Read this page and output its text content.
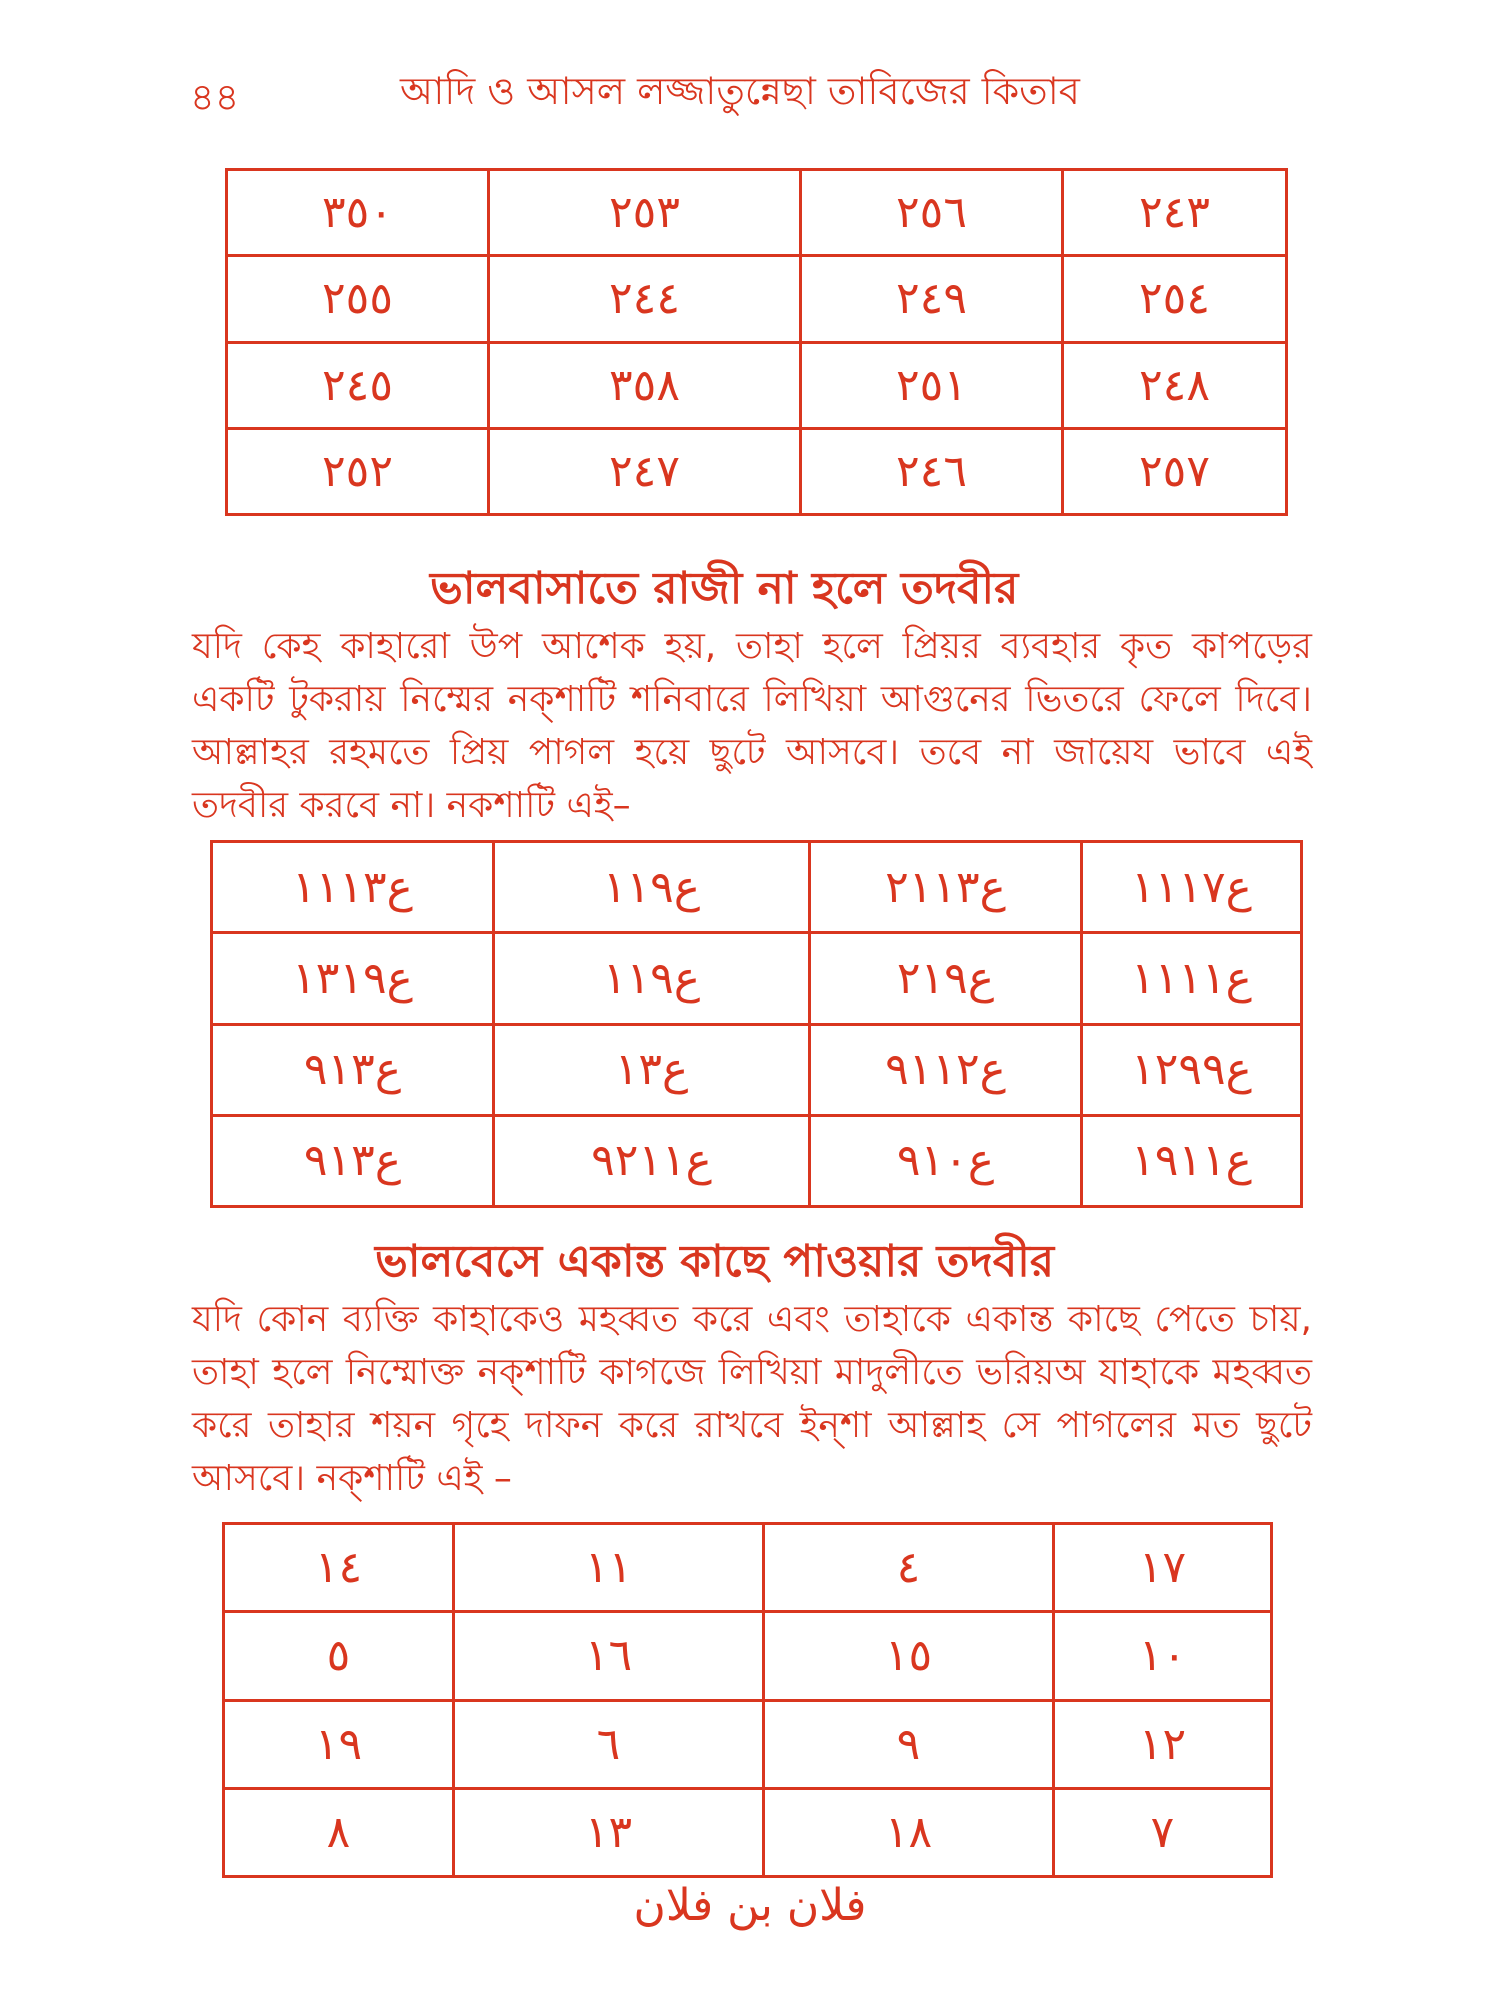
৪৪	আদি ও আসল লজ্জাতুন্নেছা তাবিজের কিতাব
٣٥٠	٢٥٣	٢٥٦	٢٤٣
٢٥٥	٢٤٤	٢٤٩	٢٥٤
٢٤٥	٣٥٨	٢٥١	٢٤٨
٢٥٢	٢٤٧	٢٤٦	٢٥٧
ভালবাসাতে রাজী না হলে তদবীর

যদি কেহ কাহারো উপ আশেক হয়, তাহা হলে প্রিয়র ব্যবহার কৃত কাপড়ের একটি টুকরায় নিম্মের নক্শাটি শনিবারে লিখিয়া আগুনের ভিতরে ফেলে দিবে। আল্লাহর রহমতে প্রিয় পাগল হয়ে ছুটে আসবে। তবে না জায়েয ভাবে এই তদবীর করবে না। নকশাটি এই–

ع١١١٣	ع١١٩	ع٢١١٣	ع١١١٧
ع١٣١٩	ع١١٩	ع٢١٩	ع١١١١
ع٩١٣	ع١٣	ع٩١١٢	ع١٢٩٩
ع٩١٣	ع٩٢١١	ع٩١٠	ع١٩١١
ভালবেসে একান্ত কাছে পাওয়ার তদবীর

যদি কোন ব্যক্তি কাহাকেও মহব্বত করে এবং তাহাকে একান্ত কাছে পেতে চায়, তাহা হলে নিম্মোক্ত নক্শাটি কাগজে লিখিয়া মাদুলীতে ভরিয়অ যাহাকে মহব্বত করে তাহার শয়ন গৃহে দাফন করে রাখবে ইন্শা আল্লাহ সে পাগলের মত ছুটে আসবে। নক্শাটি এই –

١٤	١١	٤	١٧
٥	١٦	١٥	١٠
١٩	٦	٩	١٢
٨	١٣	١٨	٧
فلان بن فلان
